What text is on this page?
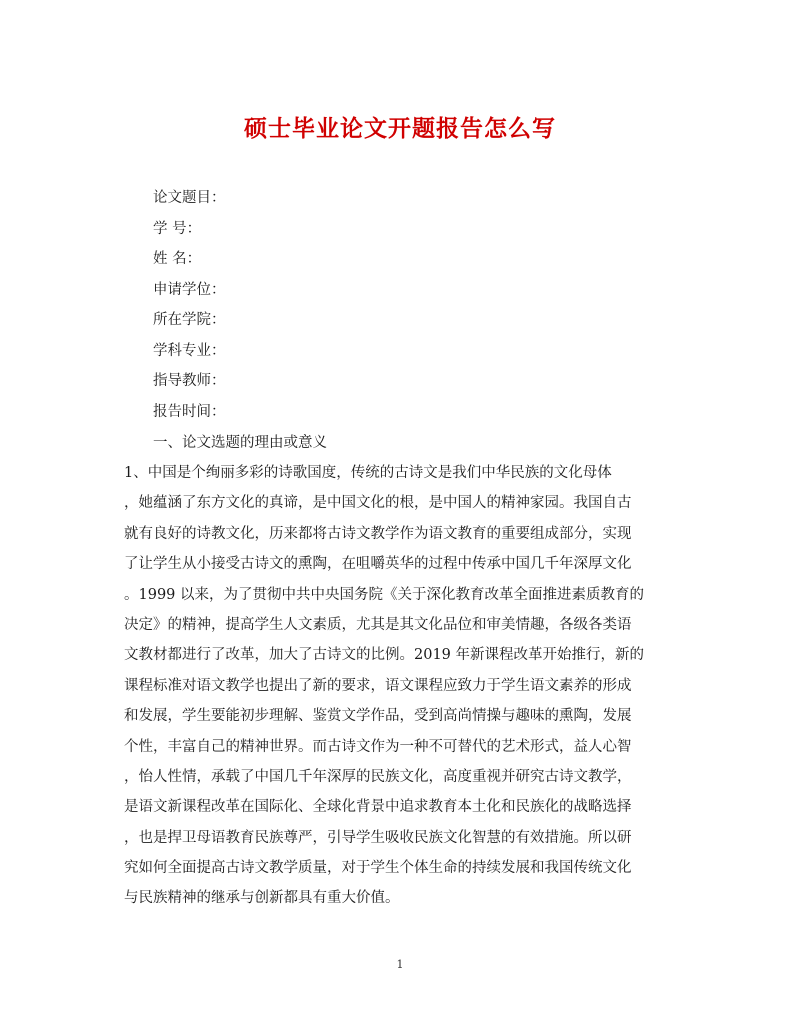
硕士毕业论文开题报告怎么写
论文题目：
学 号：
姓 名：
申请学位：
所在学院：
学科专业：
指导教师：
报告时间：
一、论文选题的理由或意义
1、中国是个绚丽多彩的诗歌国度，传统的古诗文是我们中华民族的文化母体
，她蕴涵了东方文化的真谛，是中国文化的根，是中国人的精神家园。我国自古
就有良好的诗教文化，历来都将古诗文教学作为语文教育的重要组成部分，实现
了让学生从小接受古诗文的熏陶，在咀嚼英华的过程中传承中国几千年深厚文化
。1999 以来，为了贯彻中共中央国务院《关于深化教育改革全面推进素质教育的
决定》的精神，提高学生人文素质，尤其是其文化品位和审美情趣，各级各类语
文教材都进行了改革，加大了古诗文的比例。2019 年新课程改革开始推行，新的
课程标准对语文教学也提出了新的要求，语文课程应致力于学生语文素养的形成
和发展，学生要能初步理解、鉴赏文学作品，受到高尚情操与趣味的熏陶，发展
个性，丰富自己的精神世界。而古诗文作为一种不可替代的艺术形式，益人心智
，怡人性情，承载了中国几千年深厚的民族文化，高度重视并研究古诗文教学，
是语文新课程改革在国际化、全球化背景中追求教育本土化和民族化的战略选择
，也是捍卫母语教育民族尊严，引导学生吸收民族文化智慧的有效措施。所以研
究如何全面提高古诗文教学质量，对于学生个体生命的持续发展和我国传统文化
与民族精神的继承与创新都具有重大价值。
1
